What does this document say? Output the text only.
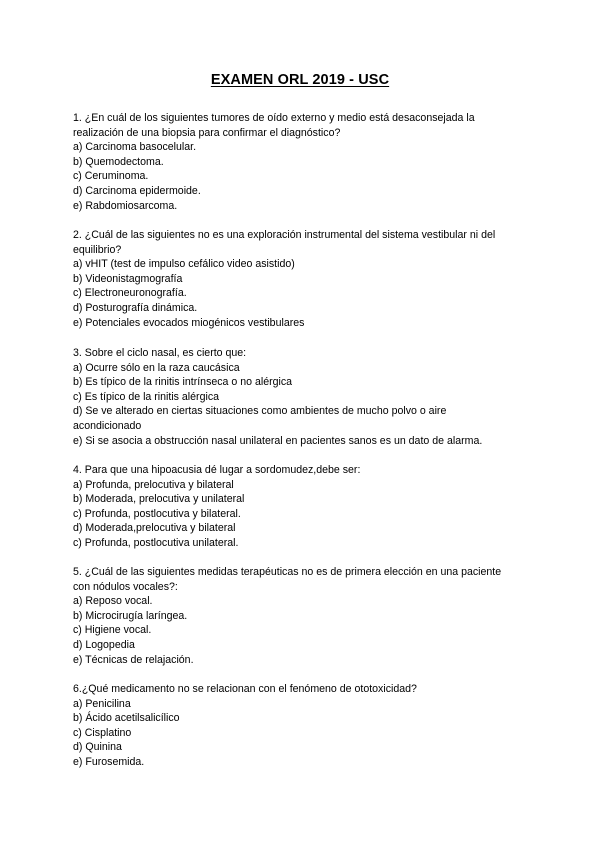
EXAMEN ORL 2019 - USC

1. ¿En cuál de los siguientes tumores de oído externo y medio está desaconsejada la
realización de una biopsia para confirmar el diagnóstico?

a) Carcinoma basocelular.
b) Quemodectoma.
c) Ceruminoma.
d) Carcinoma epidermoide.
e) Rabdomiosarcoma.

2. ¿Cuál de las siguientes no es una exploración instrumental del sistema vestibular ni del
equilibrio?

a) vHIT (test de impulso cefálico video asistido)
b) Videonistagmografía
c) Electroneuronografía.
d) Posturografía dinámica.
e) Potenciales evocados miogénicos vestibulares

3. Sobre el ciclo nasal, es cierto que:

a) Ocurre sólo en la raza caucásica
b) Es típico de la rinitis intrínseca o no alérgica
c) Es típico de la rinitis alérgica
d) Se ve alterado en ciertas situaciones como ambientes de mucho polvo o aire
acondicionado
e) Si se asocia a obstrucción nasal unilateral en pacientes sanos es un dato de alarma.

4. Para que una hipoacusia dé lugar a sordomudez,debe ser:

a) Profunda, prelocutiva y bilateral
b) Moderada, prelocutiva y unilateral
c) Profunda, postlocutiva y bilateral.
d) Moderada,prelocutiva y bilateral
c) Profunda, postlocutiva unilateral.

5. ¿Cuál de las siguientes medidas terapéuticas no es de primera elección en una paciente
con nódulos vocales?:

a) Reposo vocal.
b) Microcirugía laríngea.
c) Higiene vocal.
d) Logopedia
e) Técnicas de relajación.

6.¿Qué medicamento no se relacionan con el fenómeno de ototoxicidad?

a) Penicilina
b) Ácido acetilsalicílico
c) Cisplatino
d) Quinina
e) Furosemida.
